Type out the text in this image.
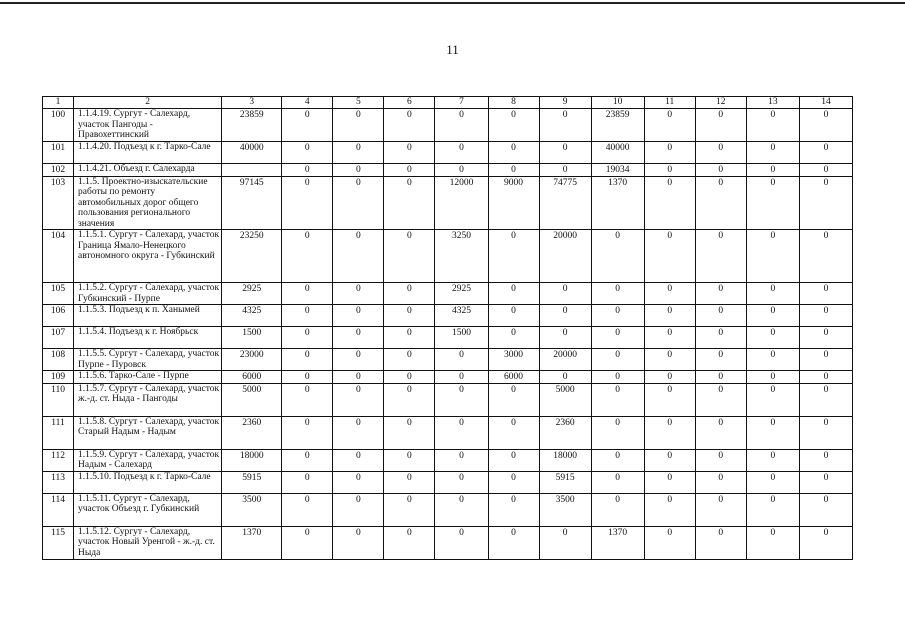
11
1	2	3	4	5	6	7	8	9	10	11	12	13	14
100	1.1.4.19. Сургут - Салехард, участок Пангоды - Правохеттинский	23859	0	0	0	0	0	0	23859	0	0	0	0
101	1.1.4.20. Подъезд к г. Тарко-Сале	40000	0	0	0	0	0	0	40000	0	0	0	0
102	1.1.4.21. Объезд г. Салехарда		0	0	0	0	0	0	19034	0	0	0	0
103	1.1.5. Проектно-изыскательские работы по ремонту автомобильных дорог общего пользования регионального значения	97145	0	0	0	12000	9000	74775	1370	0	0	0	0
104	1.1.5.1. Сургут - Салехард, участок Граница Ямало-Ненецкого автономного округа - Губкинский	23250	0	0	0	3250	0	20000	0	0	0	0	0
105	1.1.5.2. Сургут - Салехард, участок Губкинский - Пурпе	2925	0	0	0	2925	0	0	0	0	0	0	0
106	1.1.5.3. Подъезд к п. Ханымей	4325	0	0	0	4325	0	0	0	0	0	0	0
107	1.1.5.4. Подъезд к г. Ноябрьск	1500	0	0	0	1500	0	0	0	0	0	0	0
108	1.1.5.5. Сургут - Салехард, участок Пурпе - Пуровск	23000	0	0	0	0	3000	20000	0	0	0	0	0
109	1.1.5.6. Тарко-Сале - Пурпе	6000	0	0	0	0	6000	0	0	0	0	0	0
110	1.1.5.7. Сургут - Салехард, участок ж.-д. ст. Ныда - Пангоды	5000	0	0	0	0	0	5000	0	0	0	0	0
111	1.1.5.8. Сургут - Салехард, участок Старый Надым - Надым	2360	0	0	0	0	0	2360	0	0	0	0	0
112	1.1.5.9. Сургут - Салехард, участок Надым - Салехард	18000	0	0	0	0	0	18000	0	0	0	0	0
113	1.1.5.10. Подъезд к г. Тарко-Сале	5915	0	0	0	0	0	5915	0	0	0	0	0
114	1.1.5.11. Сургут - Салехард, участок Объезд г. Губкинский	3500	0	0	0	0	0	3500	0	0	0	0	0
115	1.1.5.12. Сургут - Салехард, участок Новый Уренгой - ж.-д. ст. Ныда	1370	0	0	0	0	0	0	1370	0	0	0	0
